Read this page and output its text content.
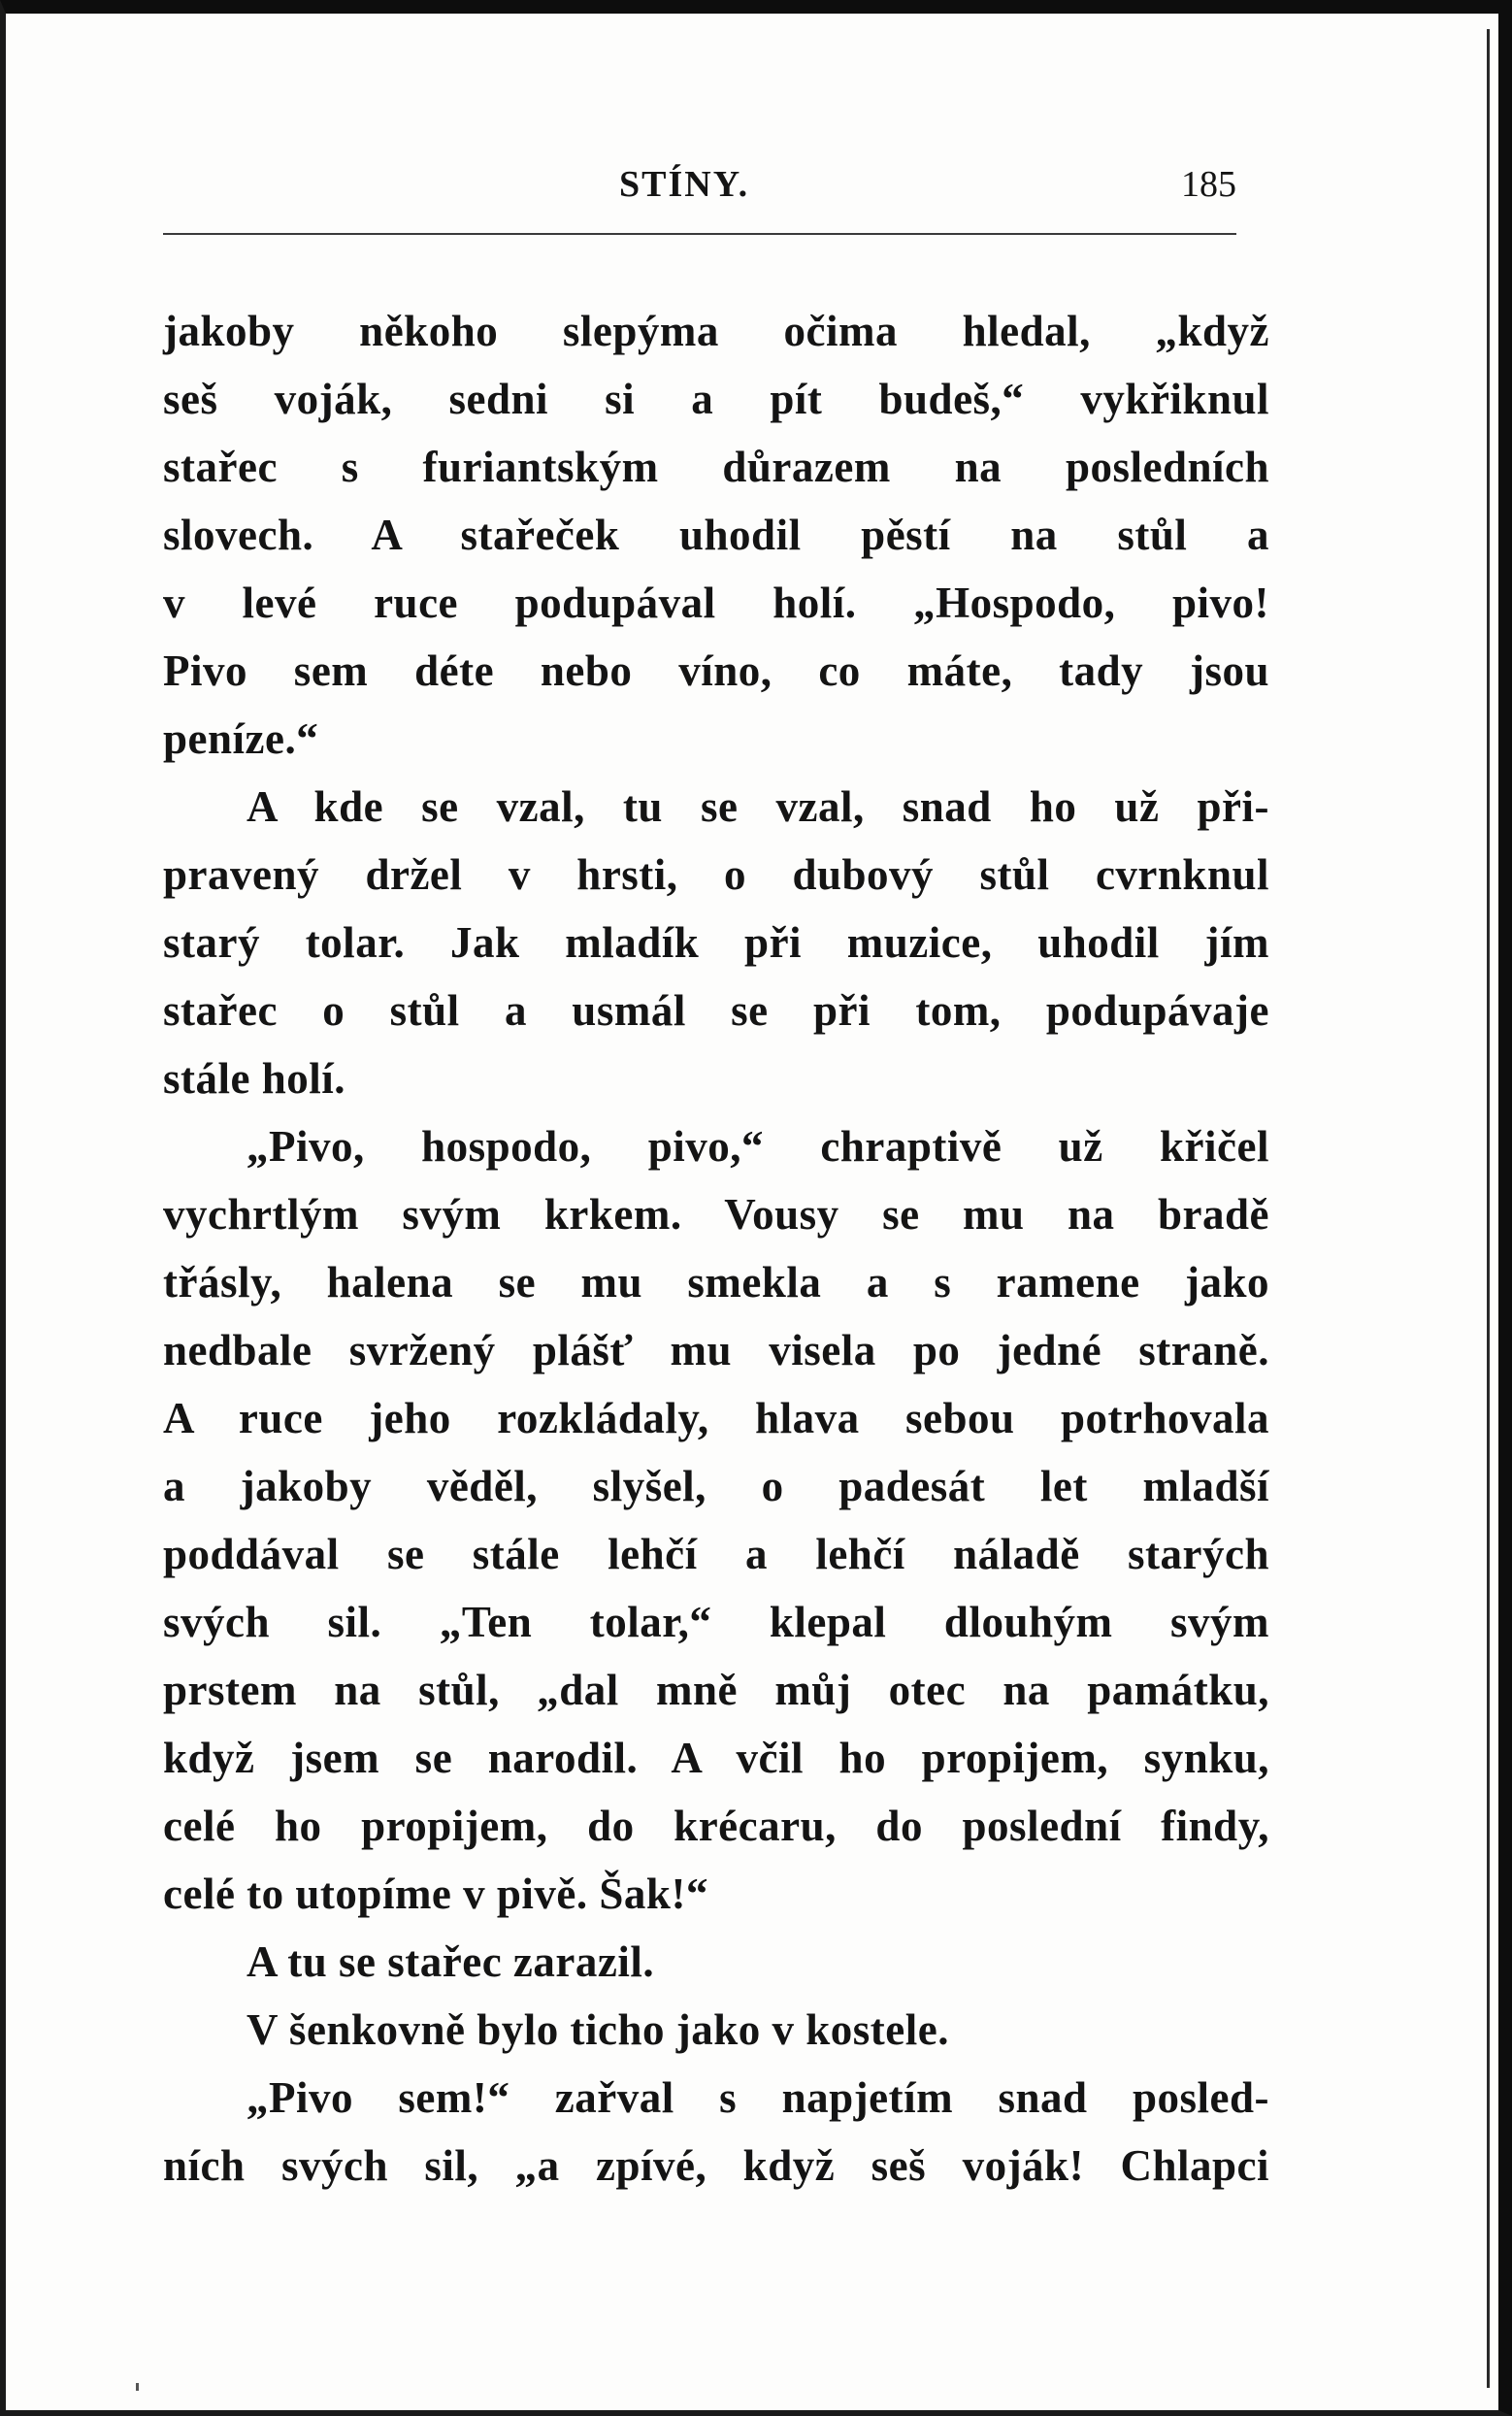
STÍNY.	185
jakoby někoho slepýma očima hledal, „když
seš voják, sedni si a pít budeš,“ vykřiknul
stařec s furiantským důrazem na posledních
slovech. A stařeček uhodil pěstí na stůl a
v levé ruce podupával holí. „Hospodo, pivo!
Pivo sem déte nebo víno, co máte, tady jsou
peníze.“
A kde se vzal, tu se vzal, snad ho už při-
pravený držel v hrsti, o dubový stůl cvrnknul
starý tolar. Jak mladík při muzice, uhodil jím
stařec o stůl a usmál se při tom, podupávaje
stále holí.
„Pivo, hospodo, pivo,“ chraptivě už křičel
vychrtlým svým krkem. Vousy se mu na bradě
třásly, halena se mu smekla a s ramene jako
nedbale svržený plášť mu visela po jedné straně.
A ruce jeho rozkládaly, hlava sebou potrhovala
a jakoby věděl, slyšel, o padesát let mladší
poddával se stále lehčí a lehčí náladě starých
svých sil. „Ten tolar,“ klepal dlouhým svým
prstem na stůl, „dal mně můj otec na památku,
když jsem se narodil. A včil ho propijem, synku,
celé ho propijem, do krécaru, do poslední findy,
celé to utopíme v pivě. Šak!“
A tu se stařec zarazil.
V šenkovně bylo ticho jako v kostele.
„Pivo sem!“ zařval s napjetím snad posled-
ních svých sil, „a zpívé, když seš voják! Chlapci
